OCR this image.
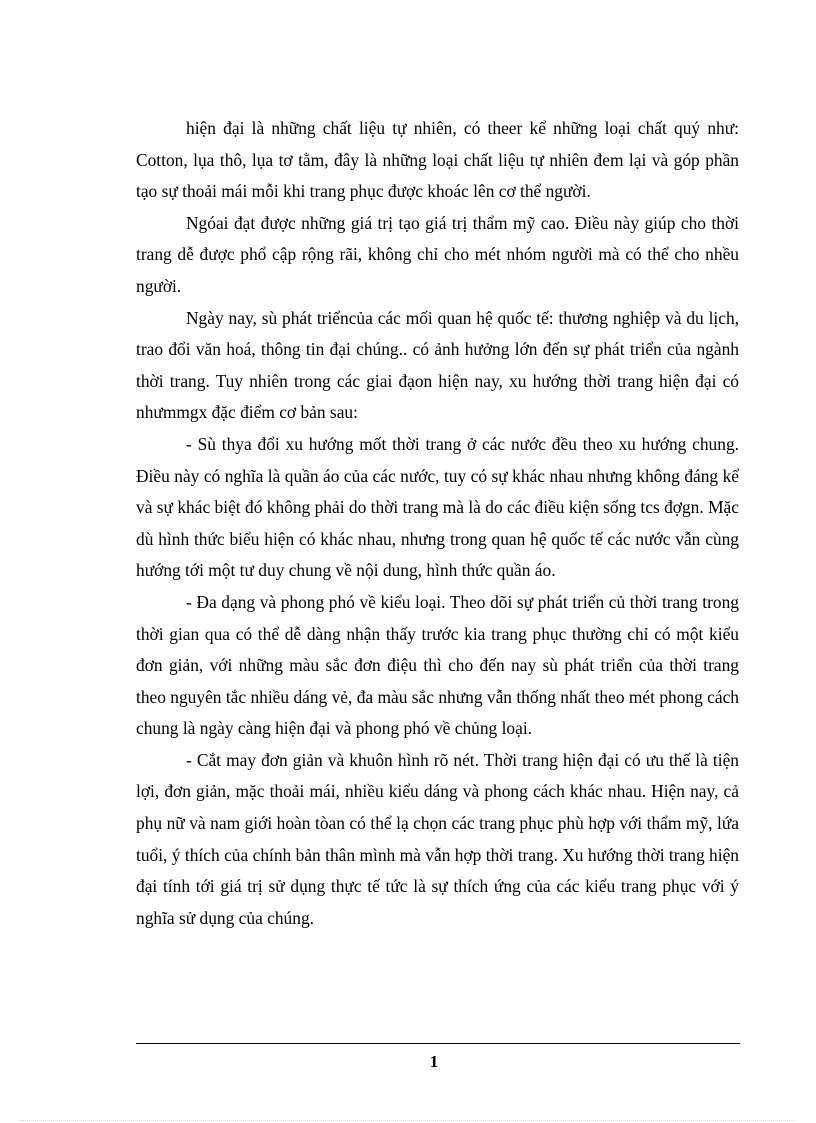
hiện đại là những chất liệu tự nhiên, có theer kể những loại chất quý như: Cotton, lụa thô, lụa tơ tằm, đây là những loại chất liệu tự nhiên đem lại và góp phần tạo sự thoải mái mỗi khi trang phục được khoác lên cơ thể người.

Ngóai đạt được những giá trị tạo giá trị thẩm mỹ cao. Điều này giúp cho thời trang dễ được phổ cập rộng rãi, không chỉ cho mét nhóm người mà có thể cho nhều người.

Ngày nay, sù phát triểncủa các mối quan hệ quốc tế: thương nghiệp và du lịch, trao đổi văn hoá, thông tin đại chúng.. có ảnh hưởng lớn đến sự phát triển của ngành thời trang. Tuy nhiên trong các giai đạon hiện nay, xu hướng thời trang hiện đại có nhưmmgx đặc điểm cơ bản sau:

- Sù thya đổi xu hướng mốt thời trang ở các nước đều theo xu hướng chung. Điều này có nghĩa là quần áo của các nước, tuy có sự khác nhau nhưng không đáng kể và sự khác biệt đó không phải do thời trang mà là do các điều kiện sống tcs đợgn. Mặc dù hình thức biểu hiện có khác nhau, nhưng trong quan hệ quốc tế các nước vẫn cùng hướng tới một tư duy chung về nội dung, hình thức quần áo.

- Đa dạng và phong phó về kiểu loại. Theo dõi sự phát triển củ thời trang trong thời gian qua có thể dễ dàng nhận thấy trước kia trang phục thường chỉ có một kiểu đơn giản, với những màu sắc đơn điệu thì cho đến nay sù phát triển của thời trang theo nguyên tắc nhiều dáng vẻ, đa màu sắc nhưng vẫn thống nhất theo mét phong cách chung là ngày càng hiện đại và phong phó về chủng loại.

- Cắt may đơn giản và khuôn hình rõ nét. Thời trang hiện đại có ưu thế là tiện lợi, đơn giản, mặc thoải mái, nhiều kiểu dáng và phong cách khác nhau. Hiện nay, cả phụ nữ và nam giới hoàn tòan có thể lạ chọn các trang phục phù hợp với thẩm mỹ, lứa tuổi, ý thích của chính bản thân mình mà vẫn hợp thời trang. Xu hướng thời trang hiện đại tính tới giá trị sử dụng thực tế tức là sự thích ứng của các kiểu trang phục với ý nghĩa sử dụng của chúng.

1
